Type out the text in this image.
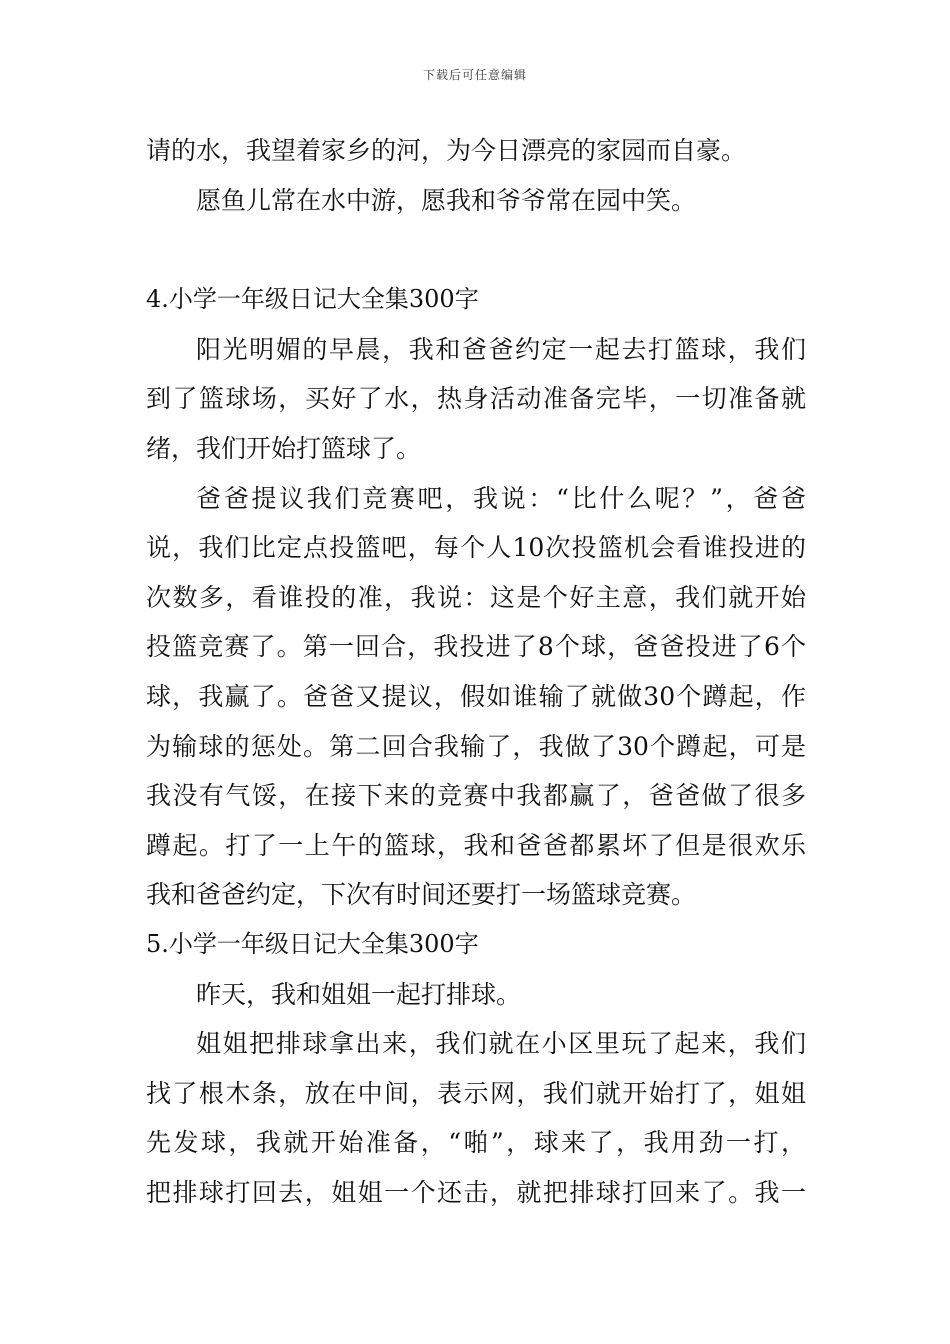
下载后可任意编辑
请的水，我望着家乡的河，为今日漂亮的家园而自豪。
愿鱼儿常在水中游，愿我和爷爷常在园中笑。
4.小学一年级日记大全集300字
阳光明媚的早晨，我和爸爸约定一起去打篮球，我们
到了篮球场，买好了水，热身活动准备完毕，一切准备就
绪，我们开始打篮球了。
爸爸提议我们竞赛吧，我说：“比什么呢？”，爸爸
说，我们比定点投篮吧，每个人10次投篮机会看谁投进的
次数多，看谁投的准，我说：这是个好主意，我们就开始
投篮竞赛了。第一回合，我投进了8个球，爸爸投进了6个
球，我赢了。爸爸又提议，假如谁输了就做30个蹲起，作
为输球的惩处。第二回合我输了，我做了30个蹲起，可是
我没有气馁，在接下来的竞赛中我都赢了，爸爸做了很多
蹲起。打了一上午的篮球，我和爸爸都累坏了但是很欢乐
我和爸爸约定，下次有时间还要打一场篮球竞赛。
5.小学一年级日记大全集300字
昨天，我和姐姐一起打排球。
姐姐把排球拿出来，我们就在小区里玩了起来，我们
找了根木条，放在中间，表示网，我们就开始打了，姐姐
先发球，我就开始准备，“啪”，球来了，我用劲一打，
把排球打回去，姐姐一个还击，就把排球打回来了。我一
